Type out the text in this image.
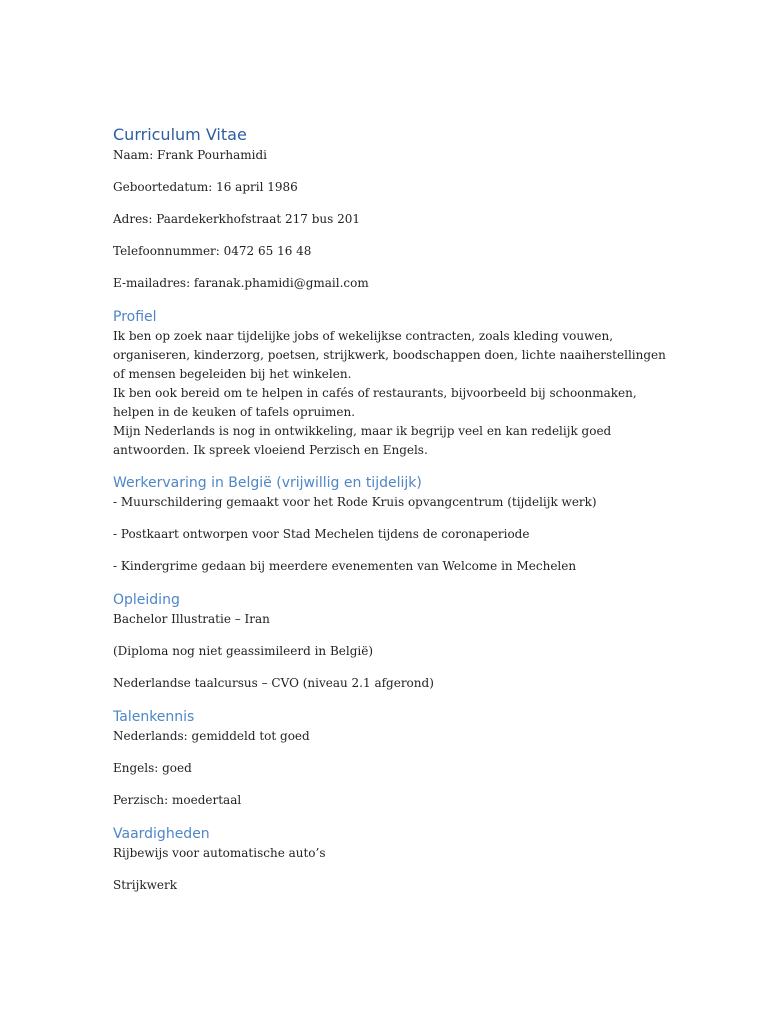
Curriculum Vitae
Naam: Frank Pourhamidi
Geboortedatum: 16 april 1986
Adres: Paardekerkhofstraat 217 bus 201
Telefoonnummer: 0472 65 16 48
E-mailadres: faranak.phamidi@gmail.com
Profiel
Ik ben op zoek naar tijdelijke jobs of wekelijkse contracten, zoals kleding vouwen,
organiseren, kinderzorg, poetsen, strijkwerk, boodschappen doen, lichte naaiherstellingen
of mensen begeleiden bij het winkelen.
Ik ben ook bereid om te helpen in cafés of restaurants, bijvoorbeeld bij schoonmaken,
helpen in de keuken of tafels opruimen.
Mijn Nederlands is nog in ontwikkeling, maar ik begrijp veel en kan redelijk goed
antwoorden. Ik spreek vloeiend Perzisch en Engels.
Werkervaring in België (vrijwillig en tijdelijk)
- Muurschildering gemaakt voor het Rode Kruis opvangcentrum (tijdelijk werk)
- Postkaart ontworpen voor Stad Mechelen tijdens de coronaperiode
- Kindergrime gedaan bij meerdere evenementen van Welcome in Mechelen
Opleiding
Bachelor Illustratie – Iran
(Diploma nog niet geassimileerd in België)
Nederlandse taalcursus – CVO (niveau 2.1 afgerond)
Talenkennis
Nederlands: gemiddeld tot goed
Engels: goed
Perzisch: moedertaal
Vaardigheden
Rijbewijs voor automatische auto’s
Strijkwerk
